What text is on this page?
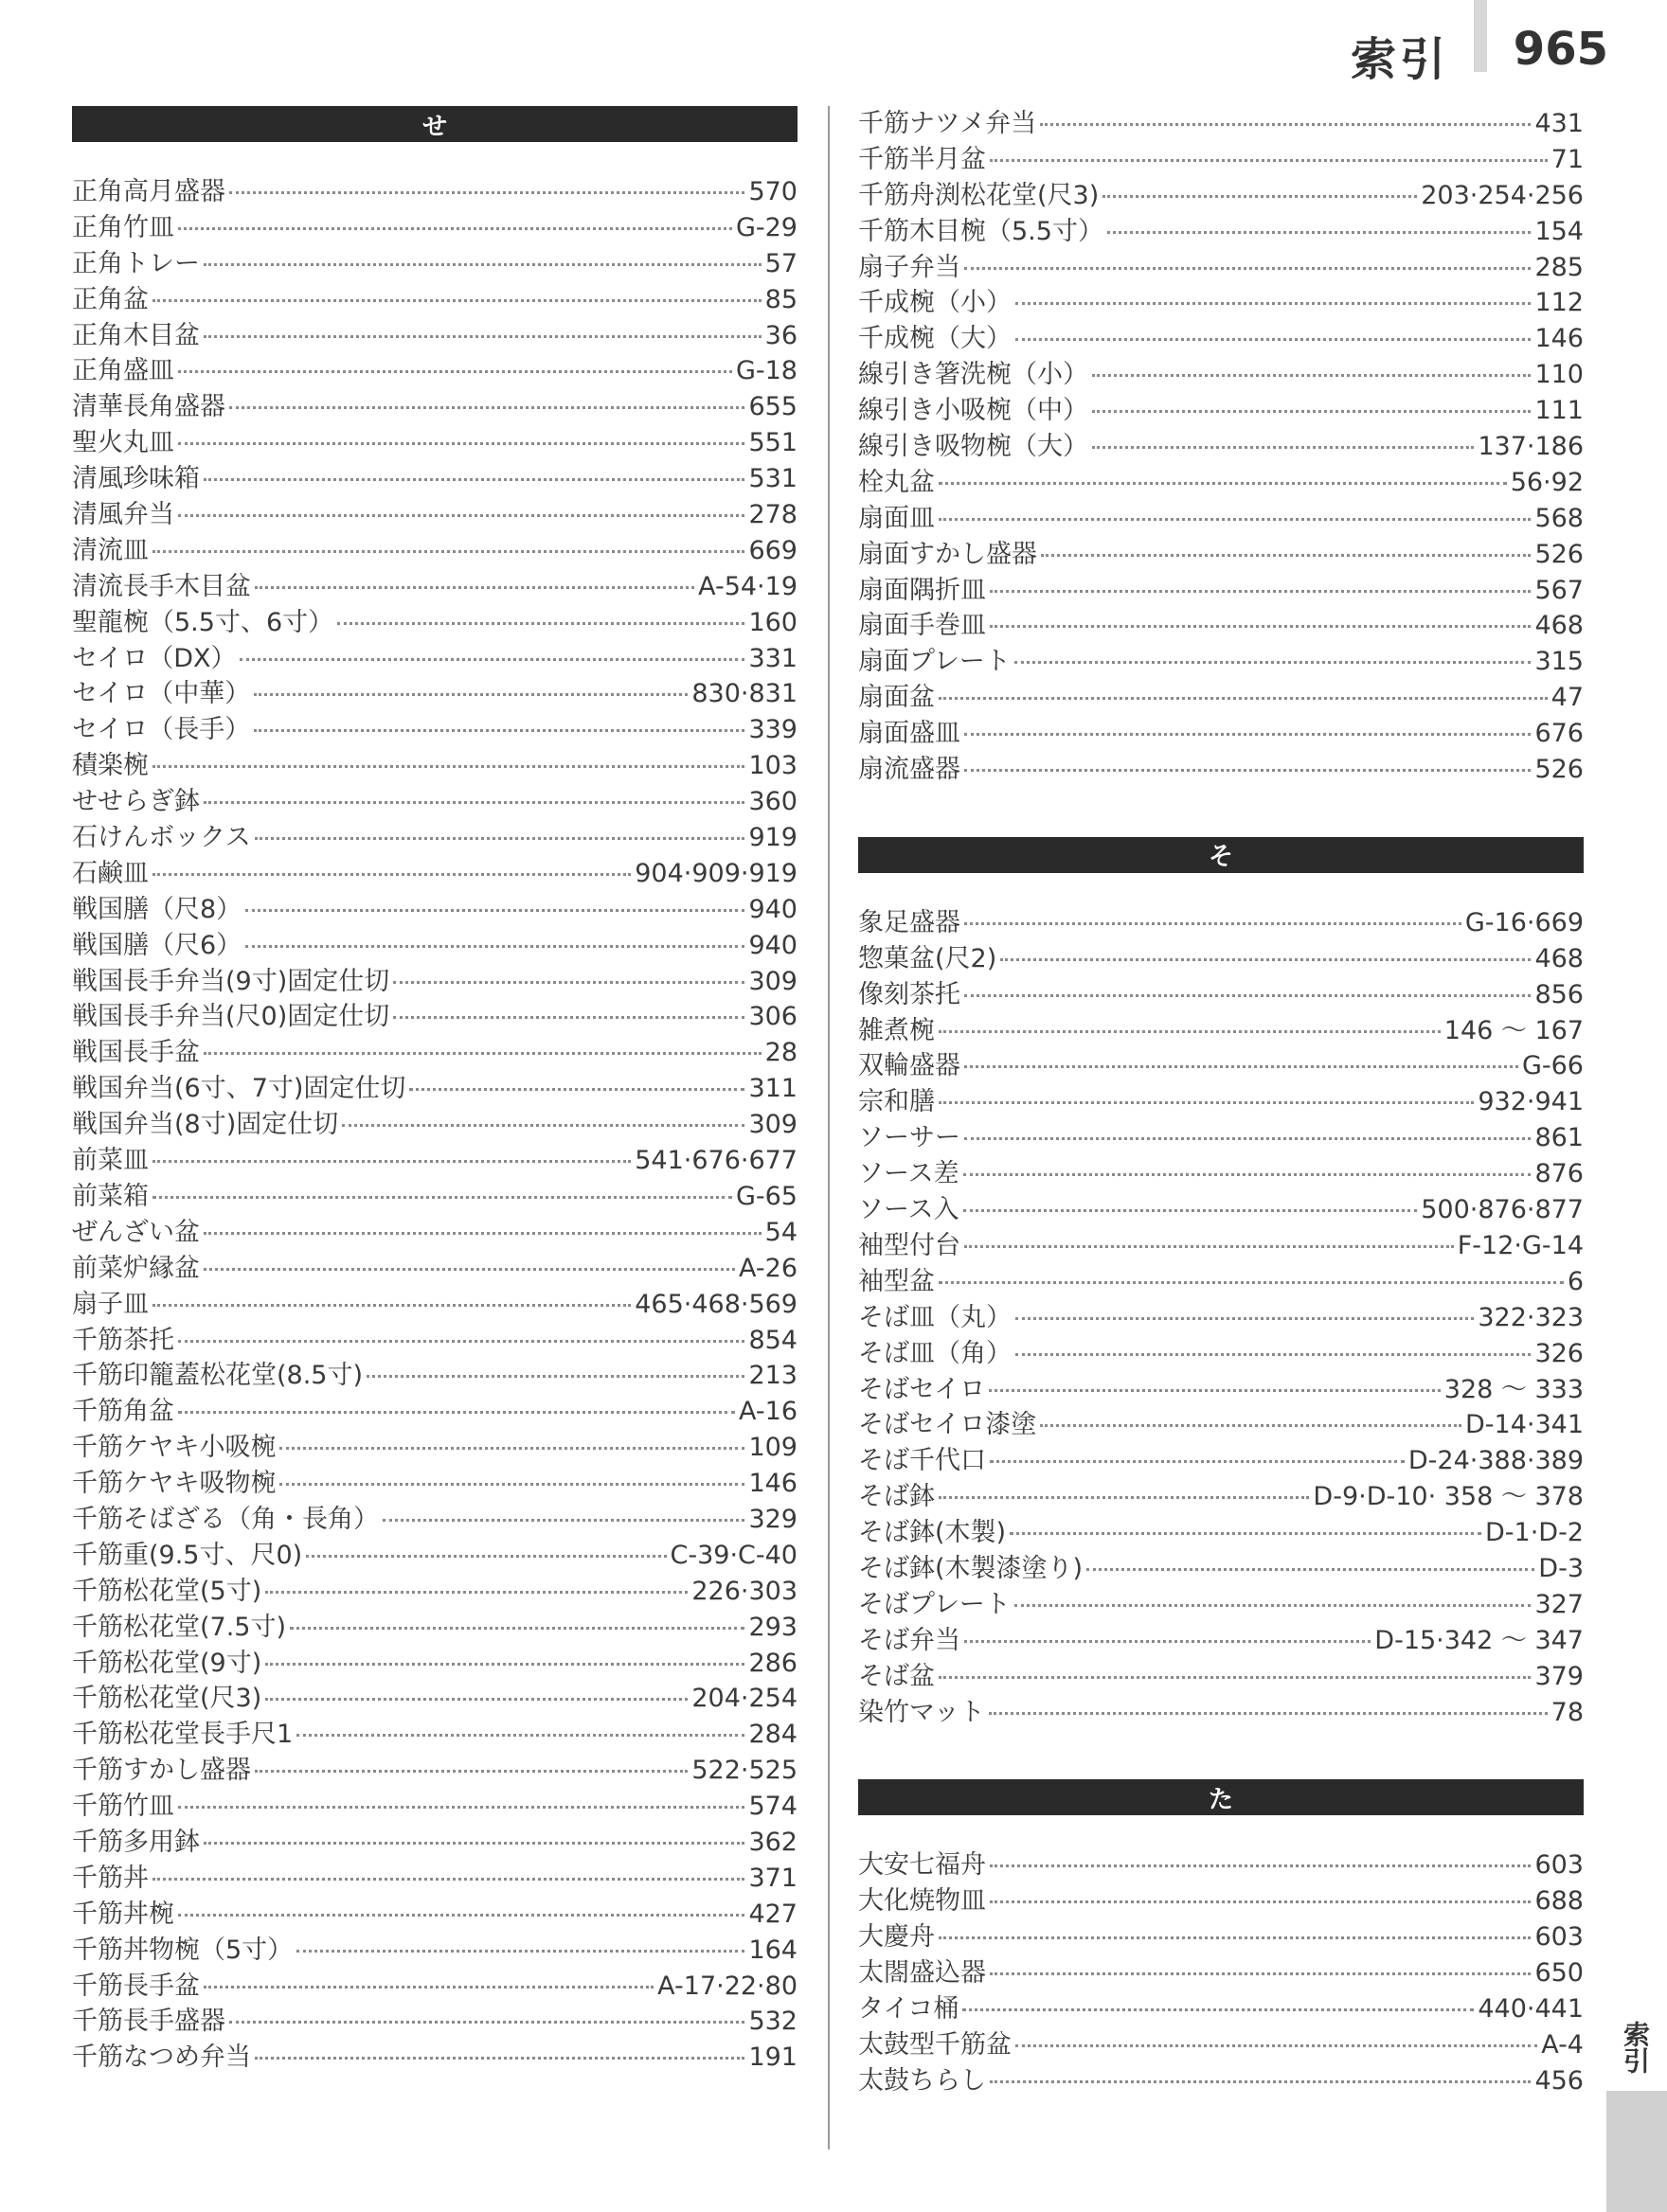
索引 965
せ
正角高月盛器	570
正角竹皿	G-29
正角トレー	57
正角盆	85
正角木目盆	36
正角盛皿	G-18
清華長角盛器	655
聖火丸皿	551
清風珍味箱	531
清風弁当	278
清流皿	669
清流長手木目盆	A-54·19
聖龍椀（5.5寸、6寸）	160
セイロ（DX）	331
セイロ（中華）	830·831
セイロ（長手）	339
積楽椀	103
せせらぎ鉢	360
石けんボックス	919
石鹸皿	904·909·919
戦国膳（尺8）	940
戦国膳（尺6）	940
戦国長手弁当(9寸)固定仕切	309
戦国長手弁当(尺0)固定仕切	306
戦国長手盆	28
戦国弁当(6寸、7寸)固定仕切	311
戦国弁当(8寸)固定仕切	309
前菜皿	541·676·677
前菜箱	G-65
ぜんざい盆	54
前菜炉縁盆	A-26
扇子皿	465·468·569
千筋茶托	854
千筋印籠蓋松花堂(8.5寸)	213
千筋角盆	A-16
千筋ケヤキ小吸椀	109
千筋ケヤキ吸物椀	146
千筋そばざる（角・長角）	329
千筋重(9.5寸、尺0)	C-39·C-40
千筋松花堂(5寸)	226·303
千筋松花堂(7.5寸)	293
千筋松花堂(9寸)	286
千筋松花堂(尺3)	204·254
千筋松花堂長手尺1	284
千筋すかし盛器	522·525
千筋竹皿	574
千筋多用鉢	362
千筋丼	371
千筋丼椀	427
千筋丼物椀（5寸）	164
千筋長手盆	A-17·22·80
千筋長手盛器	532
千筋なつめ弁当	191
千筋ナツメ弁当	431
千筋半月盆	71
千筋舟渕松花堂(尺3)	203·254·256
千筋木目椀（5.5寸）	154
扇子弁当	285
千成椀（小）	112
千成椀（大）	146
線引き箸洗椀（小）	110
線引き小吸椀（中）	111
線引き吸物椀（大）	137·186
栓丸盆	56·92
扇面皿	568
扇面すかし盛器	526
扇面隅折皿	567
扇面手巻皿	468
扇面プレート	315
扇面盆	47
扇面盛皿	676
扇流盛器	526
そ
象足盛器	G-16·669
惣菓盆(尺2)	468
像刻茶托	856
雑煮椀	146 ～ 167
双輪盛器	G-66
宗和膳	932·941
ソーサー	861
ソース差	876
ソース入	500·876·877
袖型付台	F-12·G-14
袖型盆	6
そば皿（丸）	322·323
そば皿（角）	326
そばセイロ	328 ～ 333
そばセイロ漆塗	D-14·341
そば千代口	D-24·388·389
そば鉢	D-9·D-10· 358 ～ 378
そば鉢(木製)	D-1·D-2
そば鉢(木製漆塗り)	D-3
そばプレート	327
そば弁当	D-15·342 ～ 347
そば盆	379
染竹マット	78
た
大安七福舟	603
大化焼物皿	688
大慶舟	603
太閤盛込器	650
タイコ桶	440·441
太鼓型千筋盆	A-4
太鼓ちらし	456
索引
